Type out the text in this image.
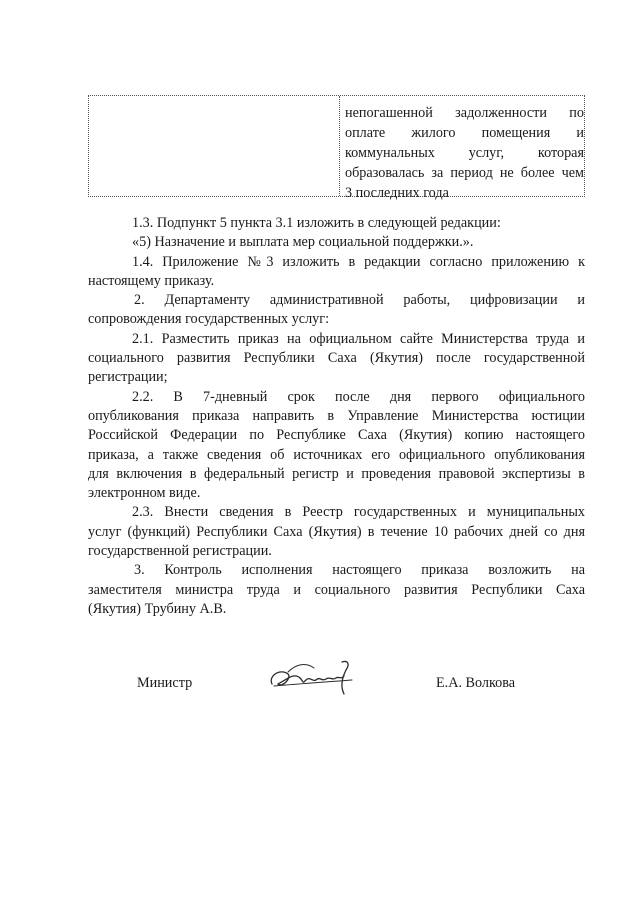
непогашенной задолженности по
оплате жилого помещения и
коммунальных услуг, которая
образовалась за период не более чем
3 последних года
1.3. Подпункт 5 пункта 3.1 изложить в следующей редакции:
«5) Назначение и выплата мер социальной поддержки.».
1.4. Приложение №3 изложить в редакции согласно приложению к
настоящему приказу.
2. Департаменту административной работы, цифровизации и
сопровождения государственных услуг:
2.1. Разместить приказ на официальном сайте Министерства труда и
социального развития Республики Саха (Якутия) после государственной
регистрации;
2.2. В 7-дневный срок после дня первого официального
опубликования приказа направить в Управление Министерства юстиции
Российской Федерации по Республике Саха (Якутия) копию настоящего
приказа, а также сведения об источниках его официального опубликования
для включения в федеральный регистр и проведения правовой экспертизы в
электронном виде.
2.3. Внести сведения в Реестр государственных и муниципальных
услуг (функций) Республики Саха (Якутия) в течение 10 рабочих дней со дня
государственной регистрации.
3. Контроль исполнения настоящего приказа возложить на
заместителя министра труда и социального развития Республики Саха
(Якутия) Трубину А.В.
Министр	Е.А. Волкова
